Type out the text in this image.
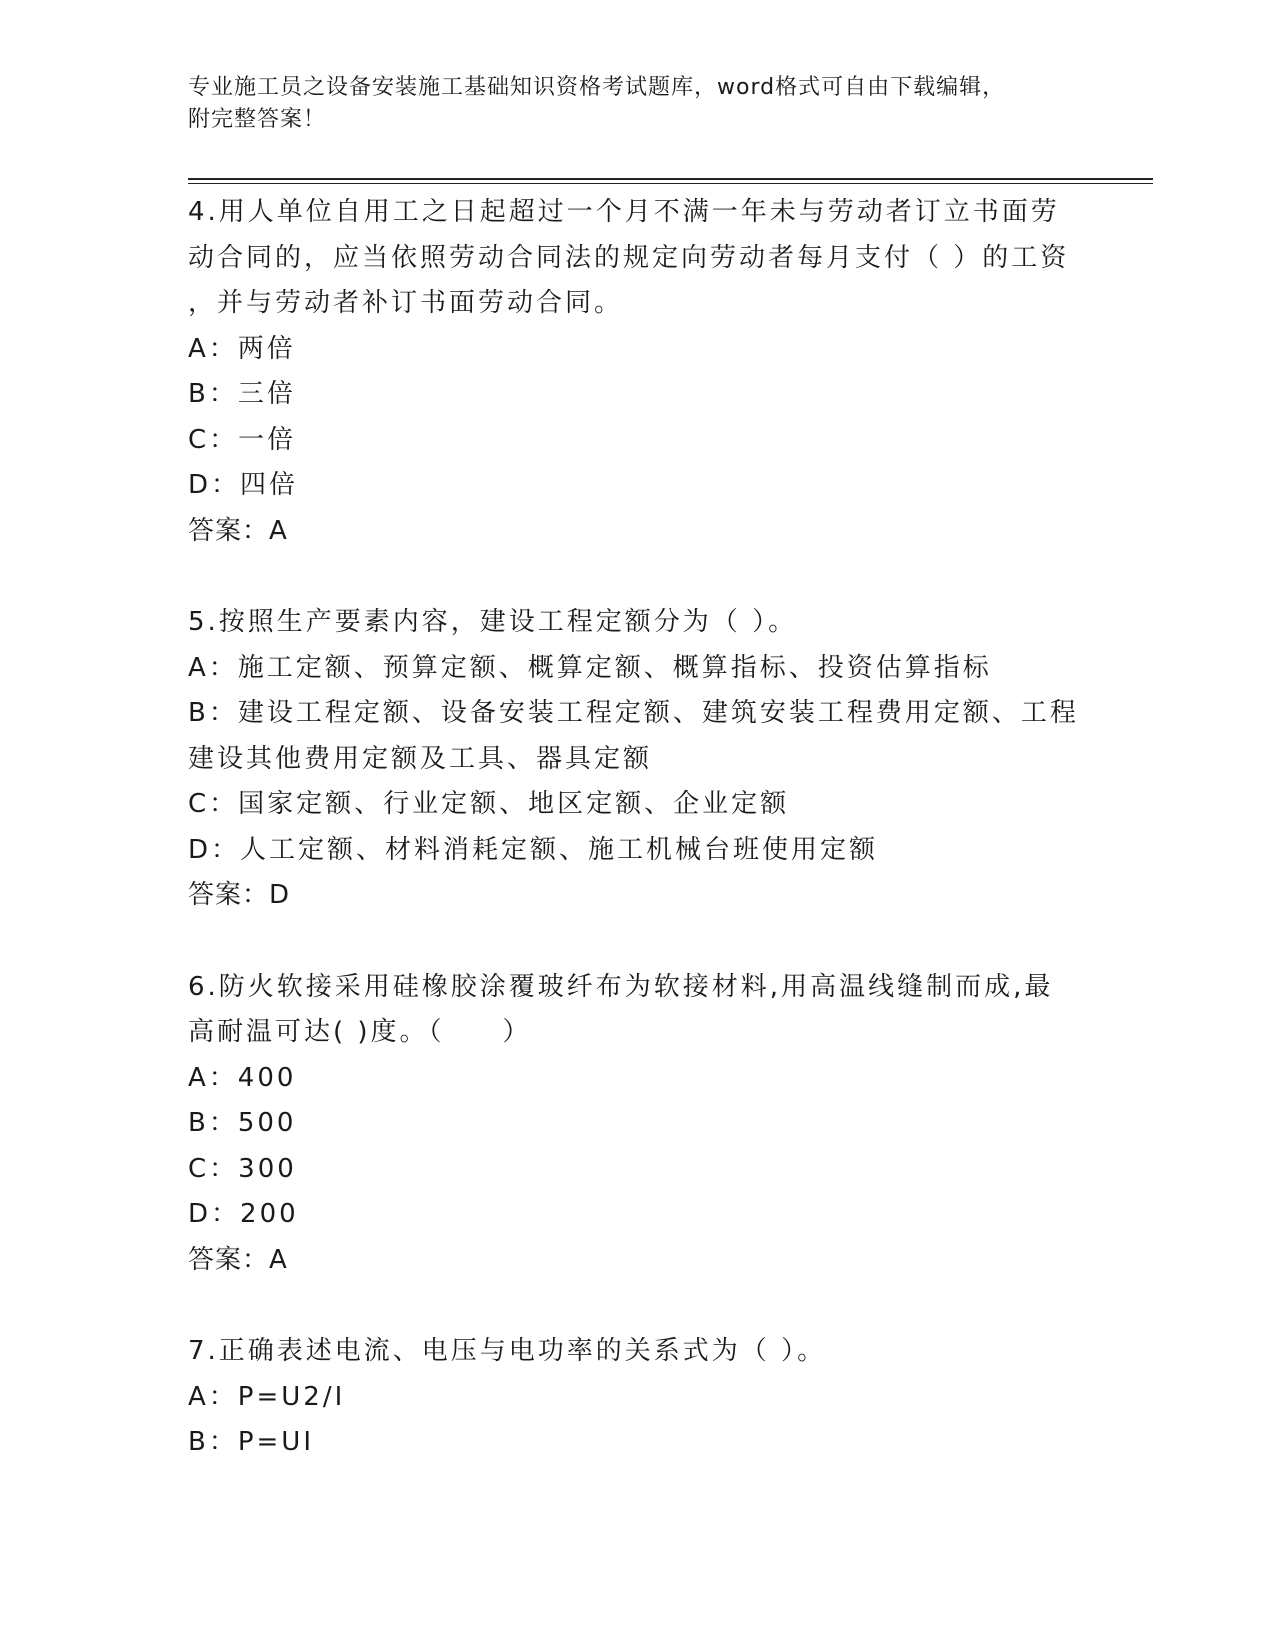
专业施工员之设备安装施工基础知识资格考试题库，word格式可自由下载编辑，
附完整答案！
4.用人单位自用工之日起超过一个月不满一年未与劳动者订立书面劳
动合同的，应当依照劳动合同法的规定向劳动者每月支付（ ）的工资
，并与劳动者补订书面劳动合同。
A：两倍
B：三倍
C：一倍
D：四倍
答案：A
5.按照生产要素内容，建设工程定额分为（ ）。
A：施工定额、预算定额、概算定额、概算指标、投资估算指标
B：建设工程定额、设备安装工程定额、建筑安装工程费用定额、工程
建设其他费用定额及工具、器具定额
C：国家定额、行业定额、地区定额、企业定额
D：人工定额、材料消耗定额、施工机械台班使用定额
答案：D
6.防火软接采用硅橡胶涂覆玻纤布为软接材料,用高温线缝制而成,最
高耐温可达( )度。（　　）
A：400
B：500
C：300
D：200
答案：A
7.正确表述电流、电压与电功率的关系式为（ ）。
A：P=U2/I
B：P=UI
